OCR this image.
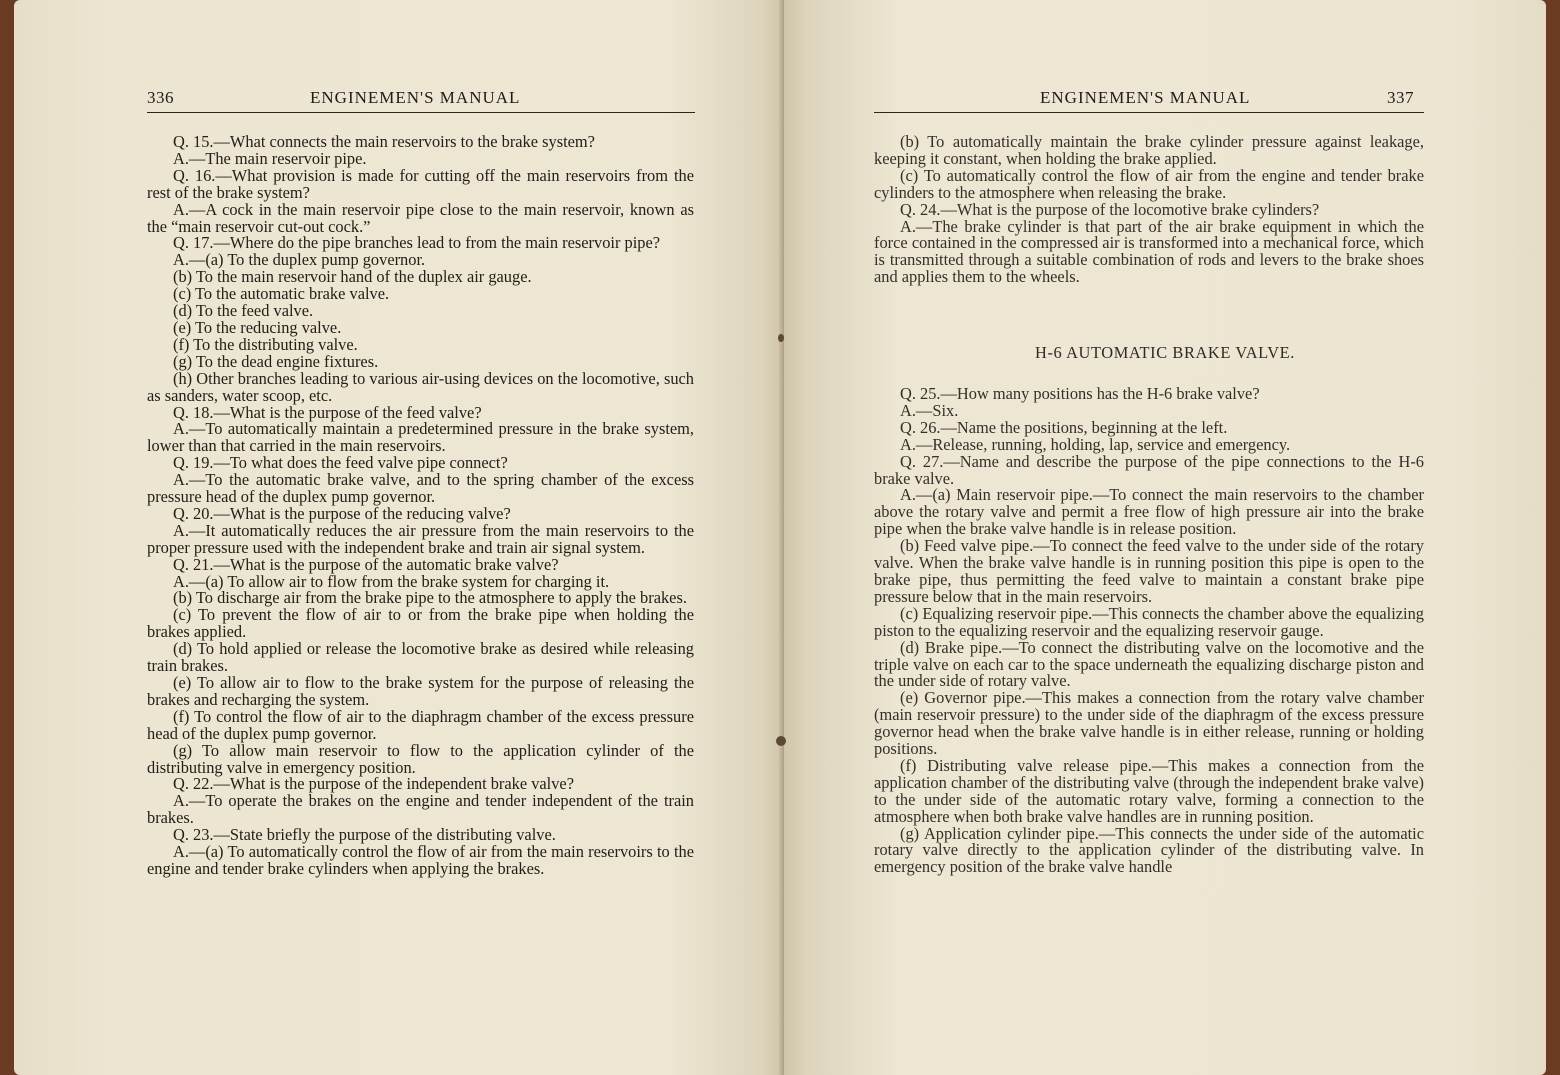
336	ENGINEMEN'S MANUAL

Q. 15.—What connects the main reservoirs to the brake system?

A.—The main reservoir pipe.

Q. 16.—What provision is made for cutting off the main reservoirs from the rest of the brake system?

A.—A cock in the main reservoir pipe close to the main reservoir, known as the “main reservoir cut-out cock.”

Q. 17.—Where do the pipe branches lead to from the main reservoir pipe?

A.—(a) To the duplex pump governor.

(b) To the main reservoir hand of the duplex air gauge.

(c) To the automatic brake valve.

(d) To the feed valve.

(e) To the reducing valve.

(f) To the distributing valve.

(g) To the dead engine fixtures.

(h) Other branches leading to various air-using devices on the locomotive, such as sanders, water scoop, etc.

Q. 18.—What is the purpose of the feed valve?

A.—To automatically maintain a predetermined pressure in the brake system, lower than that carried in the main reservoirs.

Q. 19.—To what does the feed valve pipe connect?

A.—To the automatic brake valve, and to the spring chamber of the excess pressure head of the duplex pump governor.

Q. 20.—What is the purpose of the reducing valve?

A.—It automatically reduces the air pressure from the main reservoirs to the proper pressure used with the independent brake and train air signal system.

Q. 21.—What is the purpose of the automatic brake valve?

A.—(a) To allow air to flow from the brake system for charging it.

(b) To discharge air from the brake pipe to the atmosphere to apply the brakes.

(c) To prevent the flow of air to or from the brake pipe when holding the brakes applied.

(d) To hold applied or release the locomotive brake as desired while releasing train brakes.

(e) To allow air to flow to the brake system for the purpose of releasing the brakes and recharging the system.

(f) To control the flow of air to the diaphragm chamber of the excess pressure head of the duplex pump governor.

(g) To allow main reservoir to flow to the application cylinder of the distributing valve in emergency position.

Q. 22.—What is the purpose of the independent brake valve?

A.—To operate the brakes on the engine and tender independent of the train brakes.

Q. 23.—State briefly the purpose of the distributing valve.

A.—(a) To automatically control the flow of air from the main reservoirs to the engine and tender brake cylinders when applying the brakes.

ENGINEMEN'S MANUAL	337

(b) To automatically maintain the brake cylinder pressure against leakage, keeping it constant, when holding the brake applied.

(c) To automatically control the flow of air from the engine and tender brake cylinders to the atmosphere when releasing the brake.

Q. 24.—What is the purpose of the locomotive brake cylinders?

A.—The brake cylinder is that part of the air brake equipment in which the force contained in the compressed air is transformed into a mechanical force, which is transmitted through a suitable combination of rods and levers to the brake shoes and applies them to the wheels.

H-6 AUTOMATIC BRAKE VALVE.

Q. 25.—How many positions has the H-6 brake valve?

A.—Six.

Q. 26.—Name the positions, beginning at the left.

A.—Release, running, holding, lap, service and emergency.

Q. 27.—Name and describe the purpose of the pipe connections to the H-6 brake valve.

A.—(a) Main reservoir pipe.—To connect the main reservoirs to the chamber above the rotary valve and permit a free flow of high pressure air into the brake pipe when the brake valve handle is in release position.

(b) Feed valve pipe.—To connect the feed valve to the under side of the rotary valve. When the brake valve handle is in running position this pipe is open to the brake pipe, thus permitting the feed valve to maintain a constant brake pipe pressure below that in the main reservoirs.

(c) Equalizing reservoir pipe.—This connects the chamber above the equalizing piston to the equalizing reservoir and the equalizing reservoir gauge.

(d) Brake pipe.—To connect the distributing valve on the locomotive and the triple valve on each car to the space underneath the equalizing discharge piston and the under side of rotary valve.

(e) Governor pipe.—This makes a connection from the rotary valve chamber (main reservoir pressure) to the under side of the diaphragm of the excess pressure governor head when the brake valve handle is in either release, running or holding positions.

(f) Distributing valve release pipe.—This makes a connection from the application chamber of the distributing valve (through the independent brake valve) to the under side of the automatic rotary valve, forming a connection to the atmosphere when both brake valve handles are in running position.

(g) Application cylinder pipe.—This connects the under side of the automatic rotary valve directly to the application cylinder of the distributing valve. In emergency position of the brake valve handle
